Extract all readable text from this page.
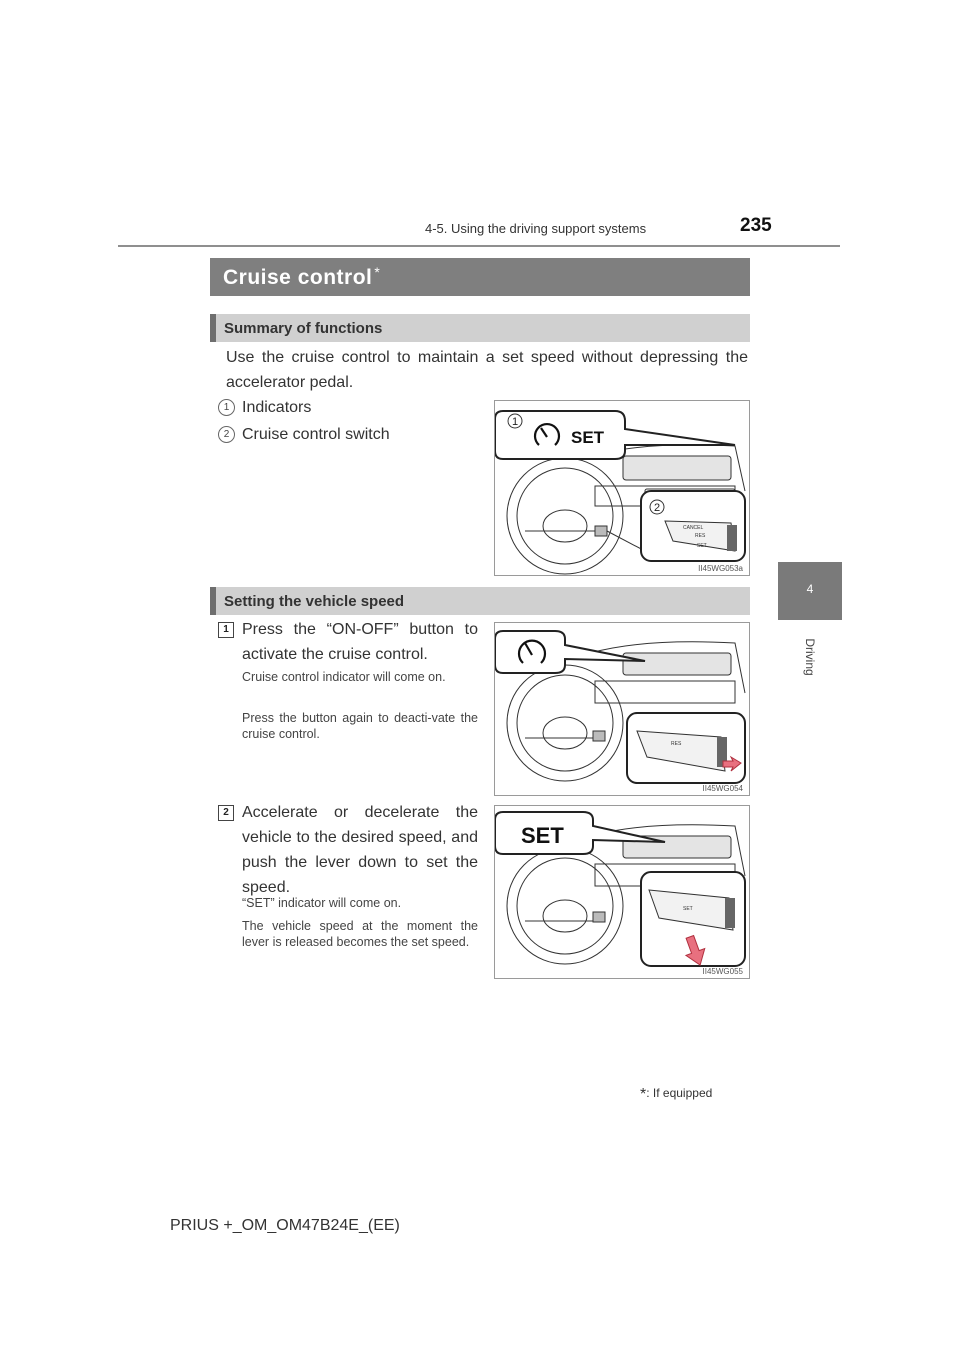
4-5. Using the driving support systems	235
4
Driving
Cruise control *
Summary of functions
Use the cruise control to maintain a set speed without depressing the accelerator pedal.
1 Indicators
2 Cruise control switch
1
SET
2
CANCEL
RES
SET
II45WG053a
Setting the vehicle speed
1 Press the “ON-OFF” button to activate the cruise control.
Cruise control indicator will come on.
Press the button again to deacti-vate the cruise control.
RES
II45WG054
2 Accelerate or decelerate the vehicle to the desired speed, and push the lever down to set the speed.
“SET” indicator will come on.
The vehicle speed at the moment the lever is released becomes the set speed.
SET
SET
II45WG055
*: If equipped
PRIUS +_OM_OM47B24E_(EE)
